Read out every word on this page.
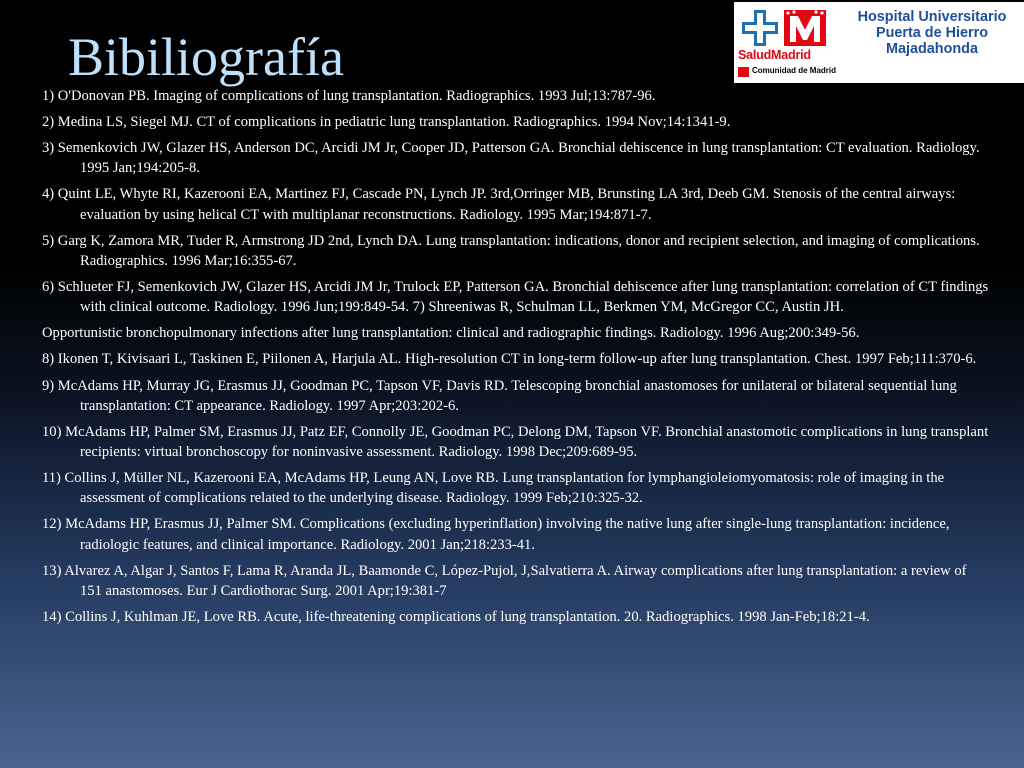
Bibiliografía	SaludMadrid
Comunidad de Madrid
Hospital Universitario
Puerta de Hierro
Majadahonda
1) O'Donovan PB. Imaging of complications of lung transplantation. Radiographics. 1993 Jul;13:787-96.
2) Medina LS, Siegel MJ. CT of complications in pediatric lung transplantation. Radiographics. 1994 Nov;14:1341-9.
3) Semenkovich JW, Glazer HS, Anderson DC, Arcidi JM Jr, Cooper JD, Patterson GA. Bronchial dehiscence in lung transplantation: CT evaluation. Radiology. 1995 Jan;194:205-8.
4) Quint LE, Whyte RI, Kazerooni EA, Martinez FJ, Cascade PN, Lynch JP. 3rd,Orringer MB, Brunsting LA 3rd, Deeb GM. Stenosis of the central airways: evaluation by using helical CT with multiplanar reconstructions. Radiology. 1995 Mar;194:871-7.
5) Garg K, Zamora MR, Tuder R, Armstrong JD 2nd, Lynch DA. Lung transplantation: indications, donor and recipient selection, and imaging of complications. Radiographics. 1996 Mar;16:355-67.
6) Schlueter FJ, Semenkovich JW, Glazer HS, Arcidi JM Jr, Trulock EP, Patterson GA. Bronchial dehiscence after lung transplantation: correlation of CT findings with clinical outcome. Radiology. 1996 Jun;199:849-54. 7) Shreeniwas R, Schulman LL, Berkmen YM, McGregor CC, Austin JH.
Opportunistic bronchopulmonary infections after lung transplantation: clinical and radiographic findings. Radiology. 1996 Aug;200:349-56.
8) Ikonen T, Kivisaari L, Taskinen E, Piilonen A, Harjula AL. High-resolution CT in long-term follow-up after lung transplantation. Chest. 1997 Feb;111:370-6.
9) McAdams HP, Murray JG, Erasmus JJ, Goodman PC, Tapson VF, Davis RD. Telescoping bronchial anastomoses for unilateral or bilateral sequential lung transplantation: CT appearance. Radiology. 1997 Apr;203:202-6.
10) McAdams HP, Palmer SM, Erasmus JJ, Patz EF, Connolly JE, Goodman PC, Delong DM, Tapson VF. Bronchial anastomotic complications in lung transplant recipients: virtual bronchoscopy for noninvasive assessment. Radiology. 1998 Dec;209:689-95.
11) Collins J, Müller NL, Kazerooni EA, McAdams HP, Leung AN, Love RB. Lung transplantation for lymphangioleiomyomatosis: role of imaging in the assessment of complications related to the underlying disease. Radiology. 1999 Feb;210:325-32.
12) McAdams HP, Erasmus JJ, Palmer SM. Complications (excluding hyperinflation) involving the native lung after single-lung transplantation: incidence, radiologic features, and clinical importance. Radiology. 2001 Jan;218:233-41.
13) Alvarez A, Algar J, Santos F, Lama R, Aranda JL, Baamonde C, López-Pujol, J,Salvatierra A. Airway complications after lung transplantation: a review of 151 anastomoses. Eur J Cardiothorac Surg. 2001 Apr;19:381-7
14) Collins J, Kuhlman JE, Love RB. Acute, life-threatening complications of lung transplantation. 20. Radiographics. 1998 Jan-Feb;18:21-4.
